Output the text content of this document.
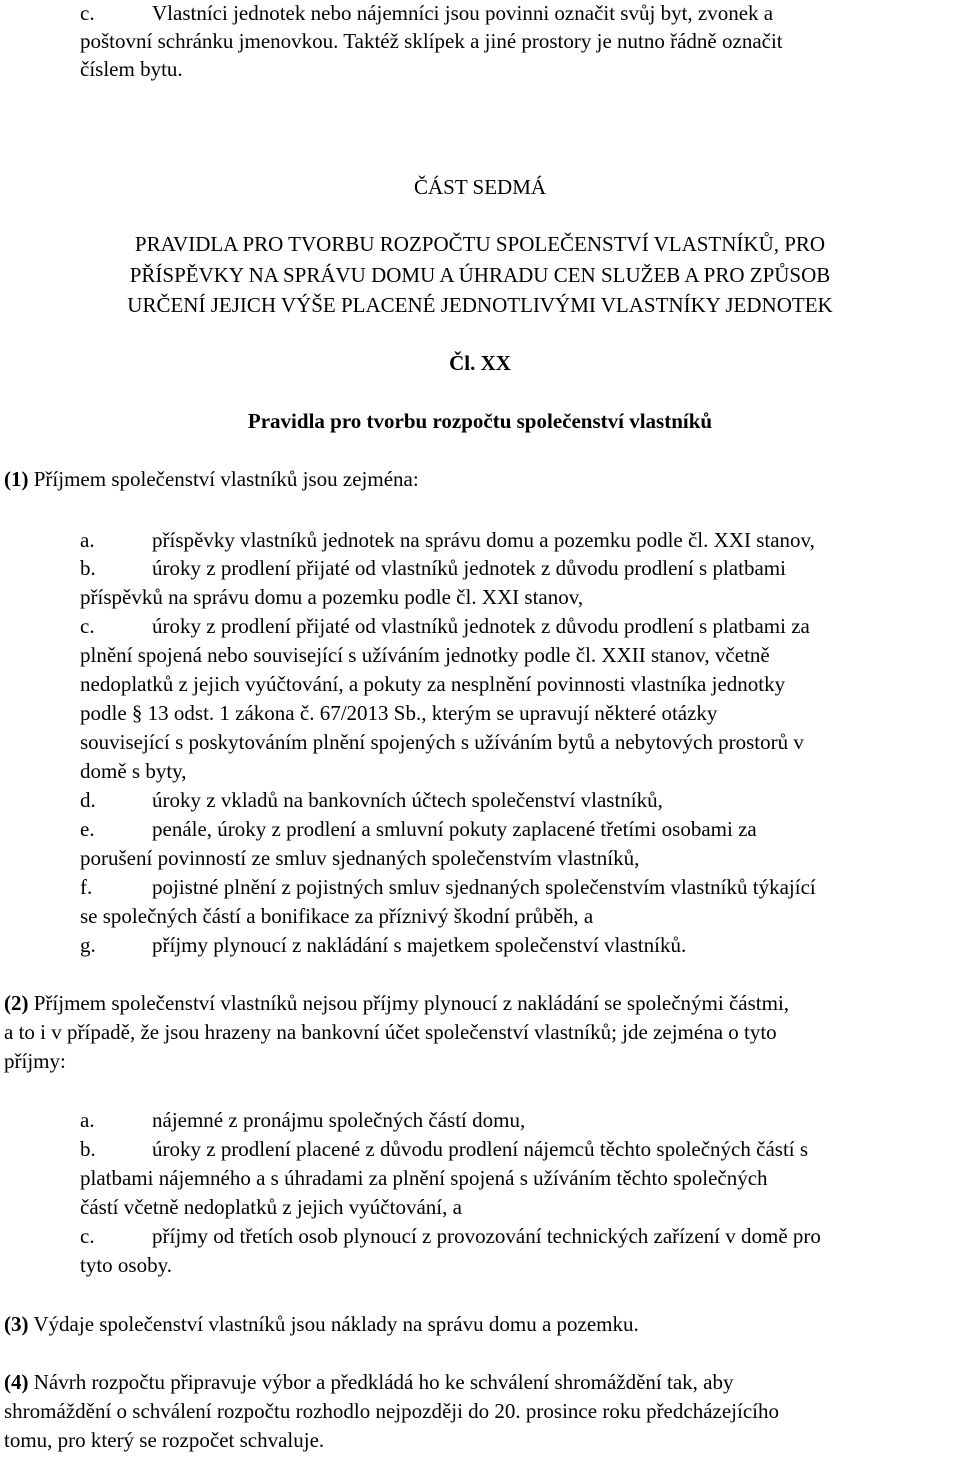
c.	Vlastníci jednotek nebo nájemníci jsou povinni označit svůj byt, zvonek a
poštovní schránku jmenovkou. Taktéž sklípek a jiné prostory je nutno řádně označit
číslem bytu.
ČÁST SEDMÁ
PRAVIDLA PRO TVORBU ROZPOČTU SPOLEČENSTVÍ VLASTNÍKŮ, PRO
PŘÍSPĚVKY NA SPRÁVU DOMU A ÚHRADU CEN SLUŽEB A PRO ZPŮSOB
URČENÍ JEJICH VÝŠE PLACENÉ JEDNOTLIVÝMI VLASTNÍKY JEDNOTEK
Čl. XX
Pravidla pro tvorbu rozpočtu společenství vlastníků
(1) Příjmem společenství vlastníků jsou zejména:
a.	příspěvky vlastníků jednotek na správu domu a pozemku podle čl. XXI stanov,
b.	úroky z prodlení přijaté od vlastníků jednotek z důvodu prodlení s platbami
příspěvků na správu domu a pozemku podle čl. XXI stanov,
c.	úroky z prodlení přijaté od vlastníků jednotek z důvodu prodlení s platbami za
plnění spojená nebo související s užíváním jednotky podle čl. XXII stanov, včetně
nedoplatků z jejich vyúčtování, a pokuty za nesplnění povinnosti vlastníka jednotky
podle § 13 odst. 1 zákona č. 67/2013 Sb., kterým se upravují některé otázky
související s poskytováním plnění spojených s užíváním bytů a nebytových prostorů v
domě s byty,
d.	úroky z vkladů na bankovních účtech společenství vlastníků,
e.	penále, úroky z prodlení a smluvní pokuty zaplacené třetími osobami za
porušení povinností ze smluv sjednaných společenstvím vlastníků,
f.	pojistné plnění z pojistných smluv sjednaných společenstvím vlastníků týkající
se společných částí a bonifikace za příznivý škodní průběh, a
g.	příjmy plynoucí z nakládání s majetkem společenství vlastníků.
(2) Příjmem společenství vlastníků nejsou příjmy plynoucí z nakládání se společnými částmi,
a to i v případě, že jsou hrazeny na bankovní účet společenství vlastníků; jde zejména o tyto
příjmy:
a.	nájemné z pronájmu společných částí domu,
b.	úroky z prodlení placené z důvodu prodlení nájemců těchto společných částí s
platbami nájemného a s úhradami za plnění spojená s užíváním těchto společných
částí včetně nedoplatků z jejich vyúčtování, a
c.	příjmy od třetích osob plynoucí z provozování technických zařízení v domě pro
tyto osoby.
(3) Výdaje společenství vlastníků jsou náklady na správu domu a pozemku.
(4) Návrh rozpočtu připravuje výbor a předkládá ho ke schválení shromáždění tak, aby
shromáždění o schválení rozpočtu rozhodlo nejpozději do 20. prosince roku předcházejícího
tomu, pro který se rozpočet schvaluje.
